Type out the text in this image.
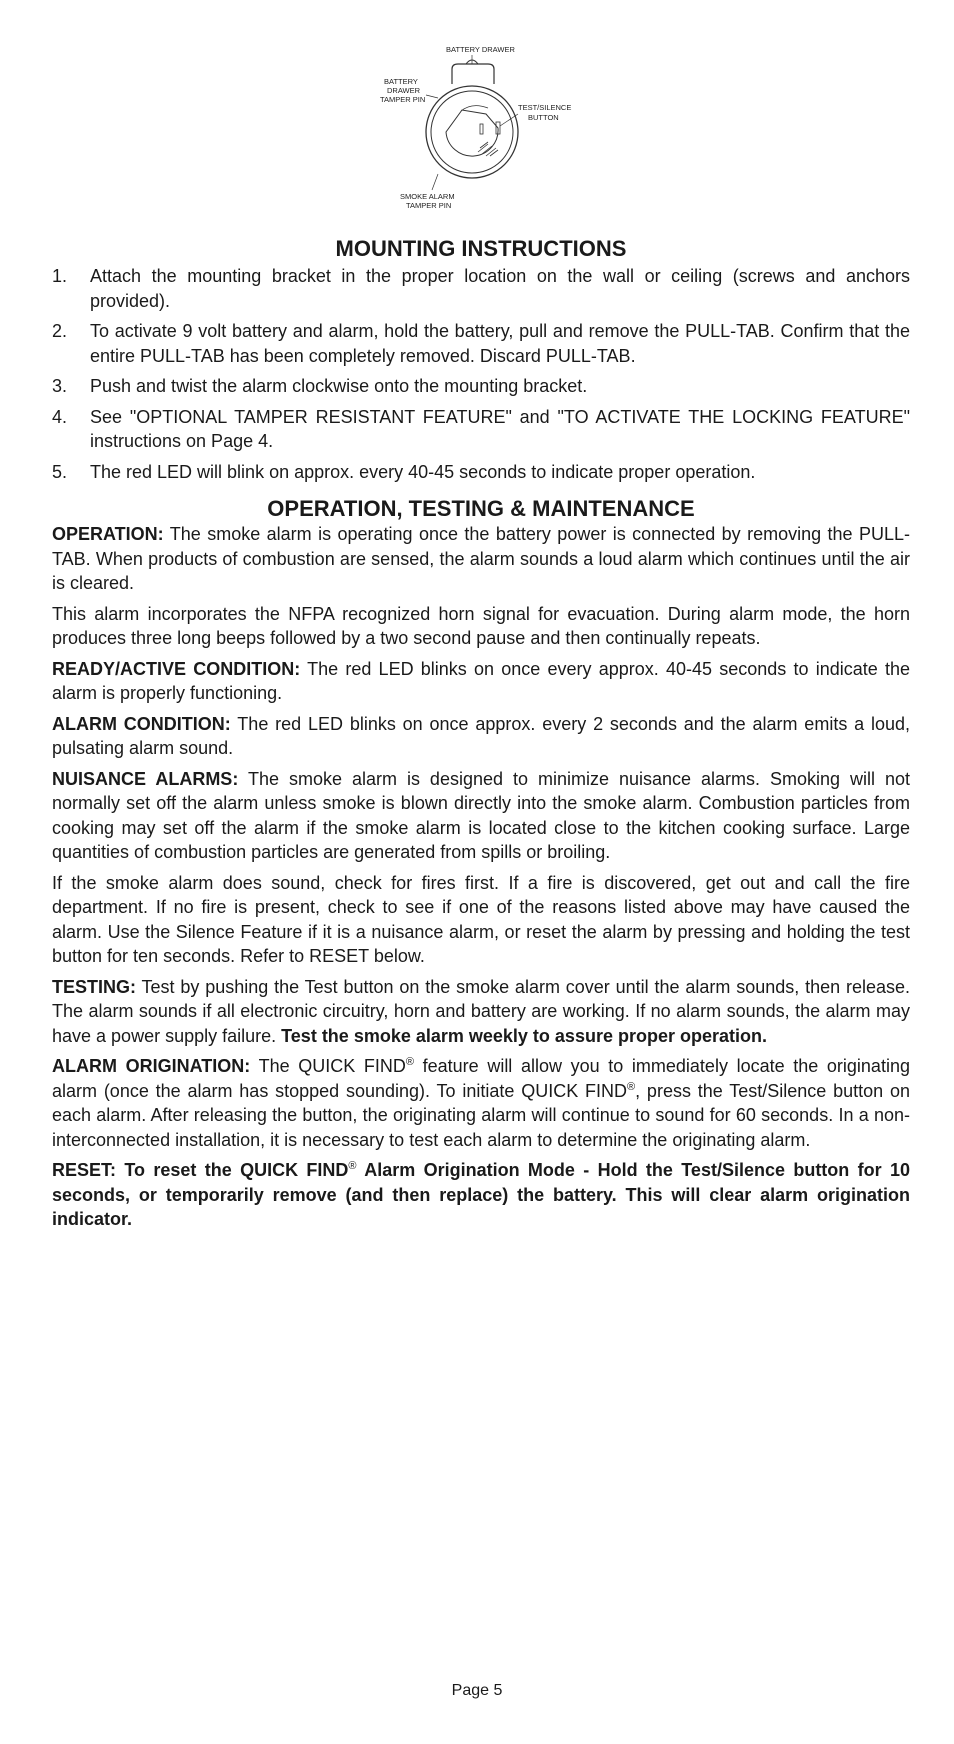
BATTERY DRAWER
BATTERY
DRAWER
TAMPER PIN
TEST/SILENCE
BUTTON
SMOKE ALARM
TAMPER PIN
MOUNTING INSTRUCTIONS
1. Attach the mounting bracket in the proper location on the wall or ceiling (screws and anchors provided).
2. To activate 9 volt battery and alarm, hold the battery, pull and remove the PULL-TAB. Confirm that the entire PULL-TAB has been completely removed. Discard PULL-TAB.
3. Push and twist the alarm clockwise onto the mounting bracket.
4. See "OPTIONAL TAMPER RESISTANT FEATURE" and "TO ACTIVATE THE LOCKING FEATURE" instructions on Page 4.
5. The red LED will blink on approx. every 40-45 seconds to indicate proper operation.
OPERATION, TESTING & MAINTENANCE

OPERATION: The smoke alarm is operating once the battery power is connected by removing the PULL-TAB. When products of combustion are sensed, the alarm sounds a loud alarm which continues until the air is cleared.

This alarm incorporates the NFPA recognized horn signal for evacuation. During alarm mode, the horn produces three long beeps followed by a two second pause and then continually repeats.

READY/ACTIVE CONDITION: The red LED blinks on once every approx. 40-45 seconds to indicate the alarm is properly functioning.

ALARM CONDITION: The red LED blinks on once approx. every 2 seconds and the alarm emits a loud, pulsating alarm sound.

NUISANCE ALARMS: The smoke alarm is designed to minimize nuisance alarms. Smoking will not normally set off the alarm unless smoke is blown directly into the smoke alarm. Combustion particles from cooking may set off the alarm if the smoke alarm is located close to the kitchen cooking surface. Large quantities of combustion particles are generated from spills or broiling.

If the smoke alarm does sound, check for fires first. If a fire is discovered, get out and call the fire department. If no fire is present, check to see if one of the reasons listed above may have caused the alarm. Use the Silence Feature if it is a nuisance alarm, or reset the alarm by pressing and holding the test button for ten seconds. Refer to RESET below.

TESTING: Test by pushing the Test button on the smoke alarm cover until the alarm sounds, then release. The alarm sounds if all electronic circuitry, horn and battery are working. If no alarm sounds, the alarm may have a power supply failure. Test the smoke alarm weekly to assure proper operation.

ALARM ORIGINATION: The QUICK FIND® feature will allow you to immediately locate the originating alarm (once the alarm has stopped sounding). To initiate QUICK FIND®, press the Test/Silence button on each alarm. After releasing the button, the originating alarm will continue to sound for 60 seconds. In a non-interconnected installation, it is necessary to test each alarm to determine the originating alarm.

RESET: To reset the QUICK FIND® Alarm Origination Mode - Hold the Test/Silence button for 10 seconds, or temporarily remove (and then replace) the battery. This will clear alarm origination indicator.

Page 5
